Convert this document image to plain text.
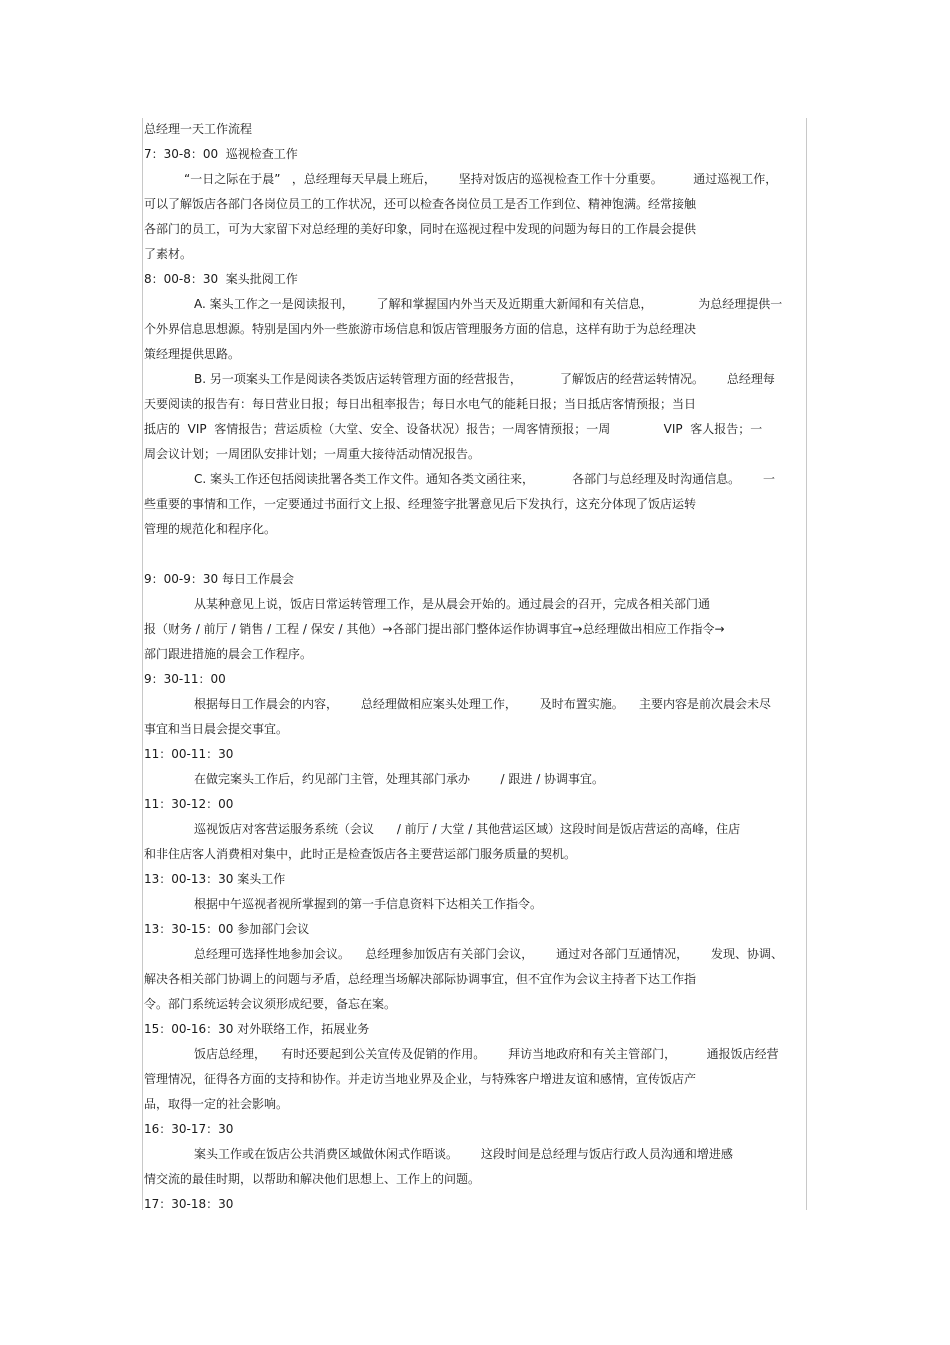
总经理一天工作流程
7：30-8：00  巡视检查工作
“一日之际在于晨”   ，总经理每天早晨上班后，      坚持对饭店的巡视检查工作十分重要。        通过巡视工作，
可以了解饭店各部门各岗位员工的工作状况，还可以检查各岗位员工是否工作到位、精神饱满。经常接触
各部门的员工，可为大家留下对总经理的美好印象，同时在巡视过程中发现的问题为每日的工作晨会提供
了素材。
8：00-8：30  案头批阅工作
A. 案头工作之一是阅读报刊，      了解和掌握国内外当天及近期重大新闻和有关信息，            为总经理提供一
个外界信息思想源。特别是国内外一些旅游市场信息和饭店管理服务方面的信息，这样有助于为总经理决
策经理提供思路。
B. 另一项案头工作是阅读各类饭店运转管理方面的经营报告，          了解饭店的经营运转情况。      总经理每
天要阅读的报告有：每日营业日报；每日出租率报告；每日水电气的能耗日报；当日抵店客情预报；当日
抵店的  VIP  客情报告；营运质检（大堂、安全、设备状况）报告；一周客情预报；一周              VIP  客人报告；一
周会议计划；一周团队安排计划；一周重大接待活动情况报告。
C. 案头工作还包括阅读批署各类工作文件。通知各类文函往来，          各部门与总经理及时沟通信息。      一
些重要的事情和工作，一定要通过书面行文上报、经理签字批署意见后下发执行，这充分体现了饭店运转
管理的规范化和程序化。
9：00-9：30 每日工作晨会
从某种意见上说，饭店日常运转管理工作，是从晨会开始的。通过晨会的召开，完成各相关部门通
报（财务 / 前厅 / 销售 / 工程 / 保安 / 其他）→各部门提出部门整体运作协调事宜→总经理做出相应工作指令→
部门跟进措施的晨会工作程序。
9：30-11：00
根据每日工作晨会的内容，      总经理做相应案头处理工作，      及时布置实施。    主要内容是前次晨会未尽
事宜和当日晨会提交事宜。
11：00-11：30
在做完案头工作后，约见部门主管，处理其部门承办        / 跟进 / 协调事宜。
11：30-12：00
巡视饭店对客营运服务系统（会议      / 前厅 / 大堂 / 其他营运区域）这段时间是饭店营运的高峰，住店
和非住店客人消费相对集中，此时正是检查饭店各主要营运部门服务质量的契机。
13：00-13：30 案头工作
根据中午巡视者视所掌握到的第一手信息资料下达相关工作指令。
13：30-15：00 参加部门会议
总经理可选择性地参加会议。    总经理参加饭店有关部门会议，      通过对各部门互通情况，      发现、协调、
解决各相关部门协调上的问题与矛盾，总经理当场解决部际协调事宜，但不宜作为会议主持者下达工作指
令。部门系统运转会议须形成纪要，备忘在案。
15：00-16：30 对外联络工作，拓展业务
饭店总经理，    有时还要起到公关宣传及促销的作用。      拜访当地政府和有关主管部门，        通报饭店经营
管理情况，征得各方面的支持和协作。并走访当地业界及企业，与特殊客户增进友谊和感情，宣传饭店产
品，取得一定的社会影响。
16：30-17：30
案头工作或在饭店公共消费区域做休闲式作晤谈。      这段时间是总经理与饭店行政人员沟通和增进感
情交流的最佳时期，以帮助和解决他们思想上、工作上的问题。
17：30-18：30
